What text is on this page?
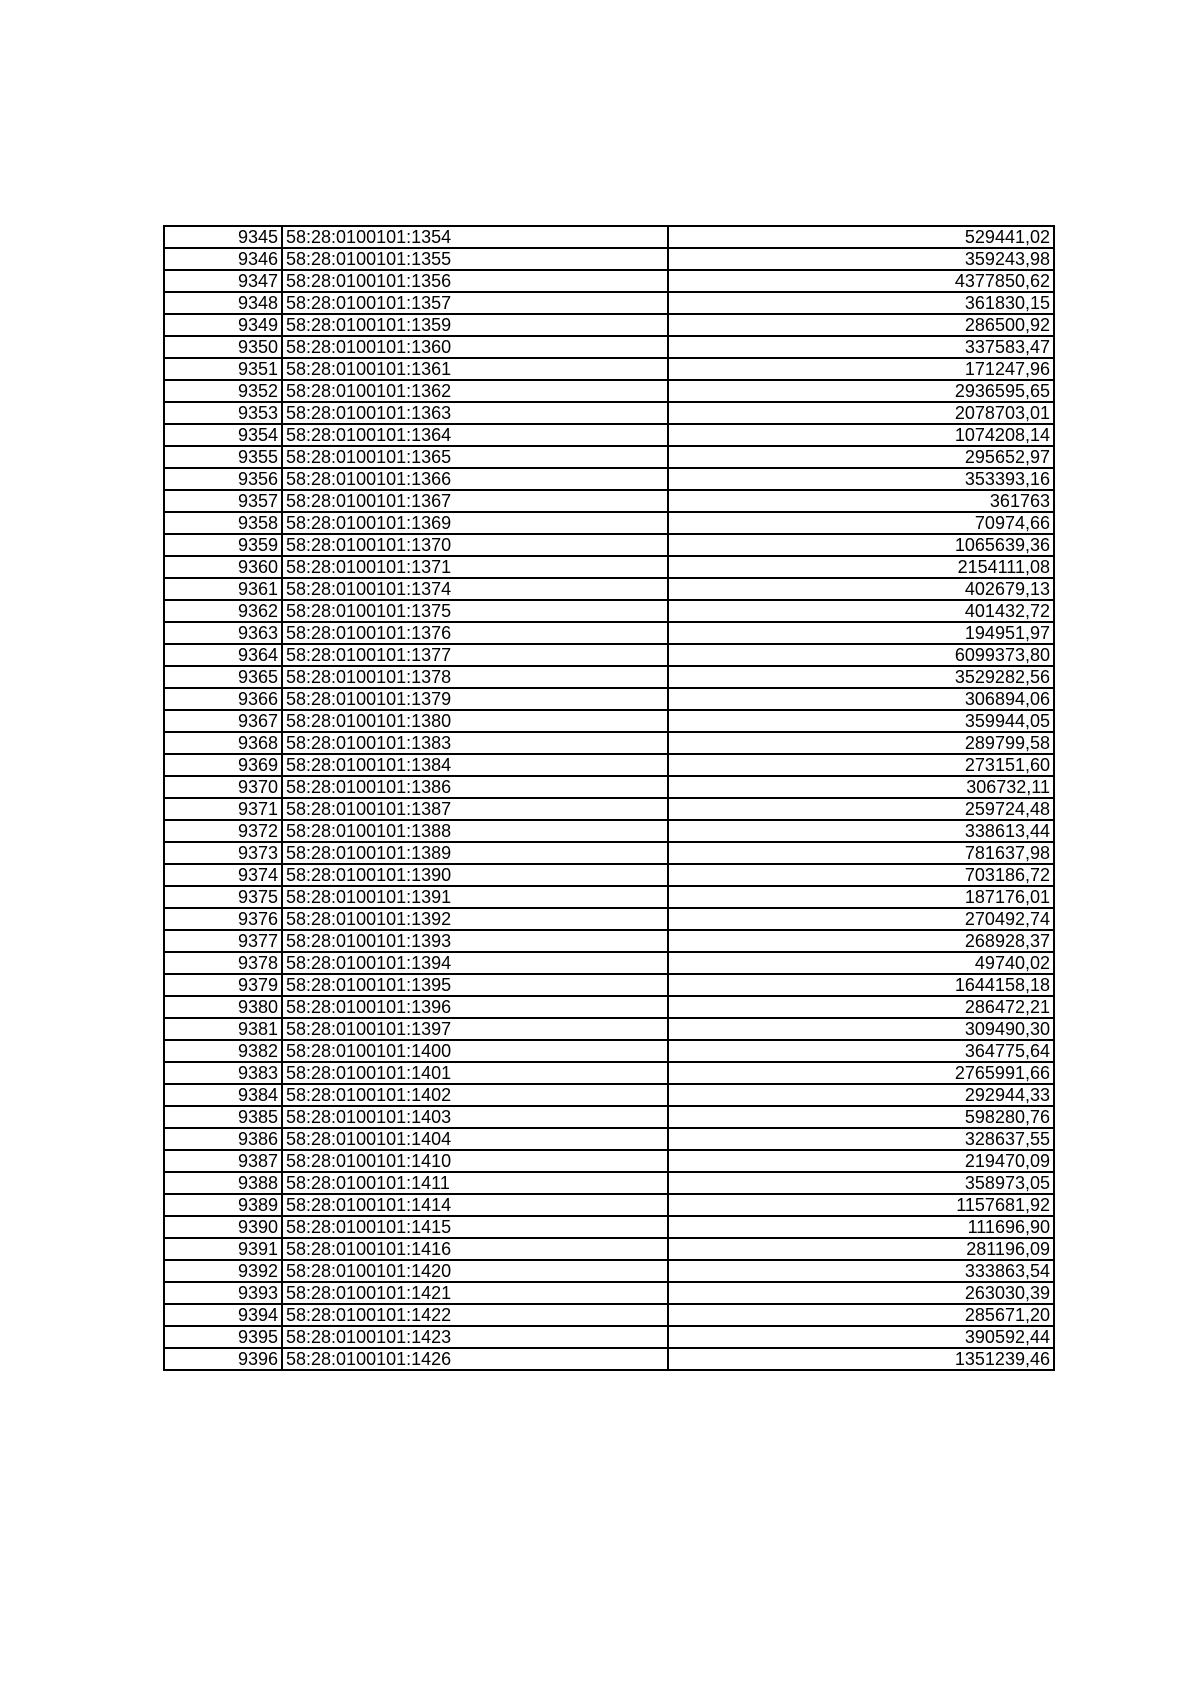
9345	58:28:0100101:1354	529441,02
9346	58:28:0100101:1355	359243,98
9347	58:28:0100101:1356	4377850,62
9348	58:28:0100101:1357	361830,15
9349	58:28:0100101:1359	286500,92
9350	58:28:0100101:1360	337583,47
9351	58:28:0100101:1361	171247,96
9352	58:28:0100101:1362	2936595,65
9353	58:28:0100101:1363	2078703,01
9354	58:28:0100101:1364	1074208,14
9355	58:28:0100101:1365	295652,97
9356	58:28:0100101:1366	353393,16
9357	58:28:0100101:1367	361763
9358	58:28:0100101:1369	70974,66
9359	58:28:0100101:1370	1065639,36
9360	58:28:0100101:1371	2154111,08
9361	58:28:0100101:1374	402679,13
9362	58:28:0100101:1375	401432,72
9363	58:28:0100101:1376	194951,97
9364	58:28:0100101:1377	6099373,80
9365	58:28:0100101:1378	3529282,56
9366	58:28:0100101:1379	306894,06
9367	58:28:0100101:1380	359944,05
9368	58:28:0100101:1383	289799,58
9369	58:28:0100101:1384	273151,60
9370	58:28:0100101:1386	306732,11
9371	58:28:0100101:1387	259724,48
9372	58:28:0100101:1388	338613,44
9373	58:28:0100101:1389	781637,98
9374	58:28:0100101:1390	703186,72
9375	58:28:0100101:1391	187176,01
9376	58:28:0100101:1392	270492,74
9377	58:28:0100101:1393	268928,37
9378	58:28:0100101:1394	49740,02
9379	58:28:0100101:1395	1644158,18
9380	58:28:0100101:1396	286472,21
9381	58:28:0100101:1397	309490,30
9382	58:28:0100101:1400	364775,64
9383	58:28:0100101:1401	2765991,66
9384	58:28:0100101:1402	292944,33
9385	58:28:0100101:1403	598280,76
9386	58:28:0100101:1404	328637,55
9387	58:28:0100101:1410	219470,09
9388	58:28:0100101:1411	358973,05
9389	58:28:0100101:1414	1157681,92
9390	58:28:0100101:1415	111696,90
9391	58:28:0100101:1416	281196,09
9392	58:28:0100101:1420	333863,54
9393	58:28:0100101:1421	263030,39
9394	58:28:0100101:1422	285671,20
9395	58:28:0100101:1423	390592,44
9396	58:28:0100101:1426	1351239,46
